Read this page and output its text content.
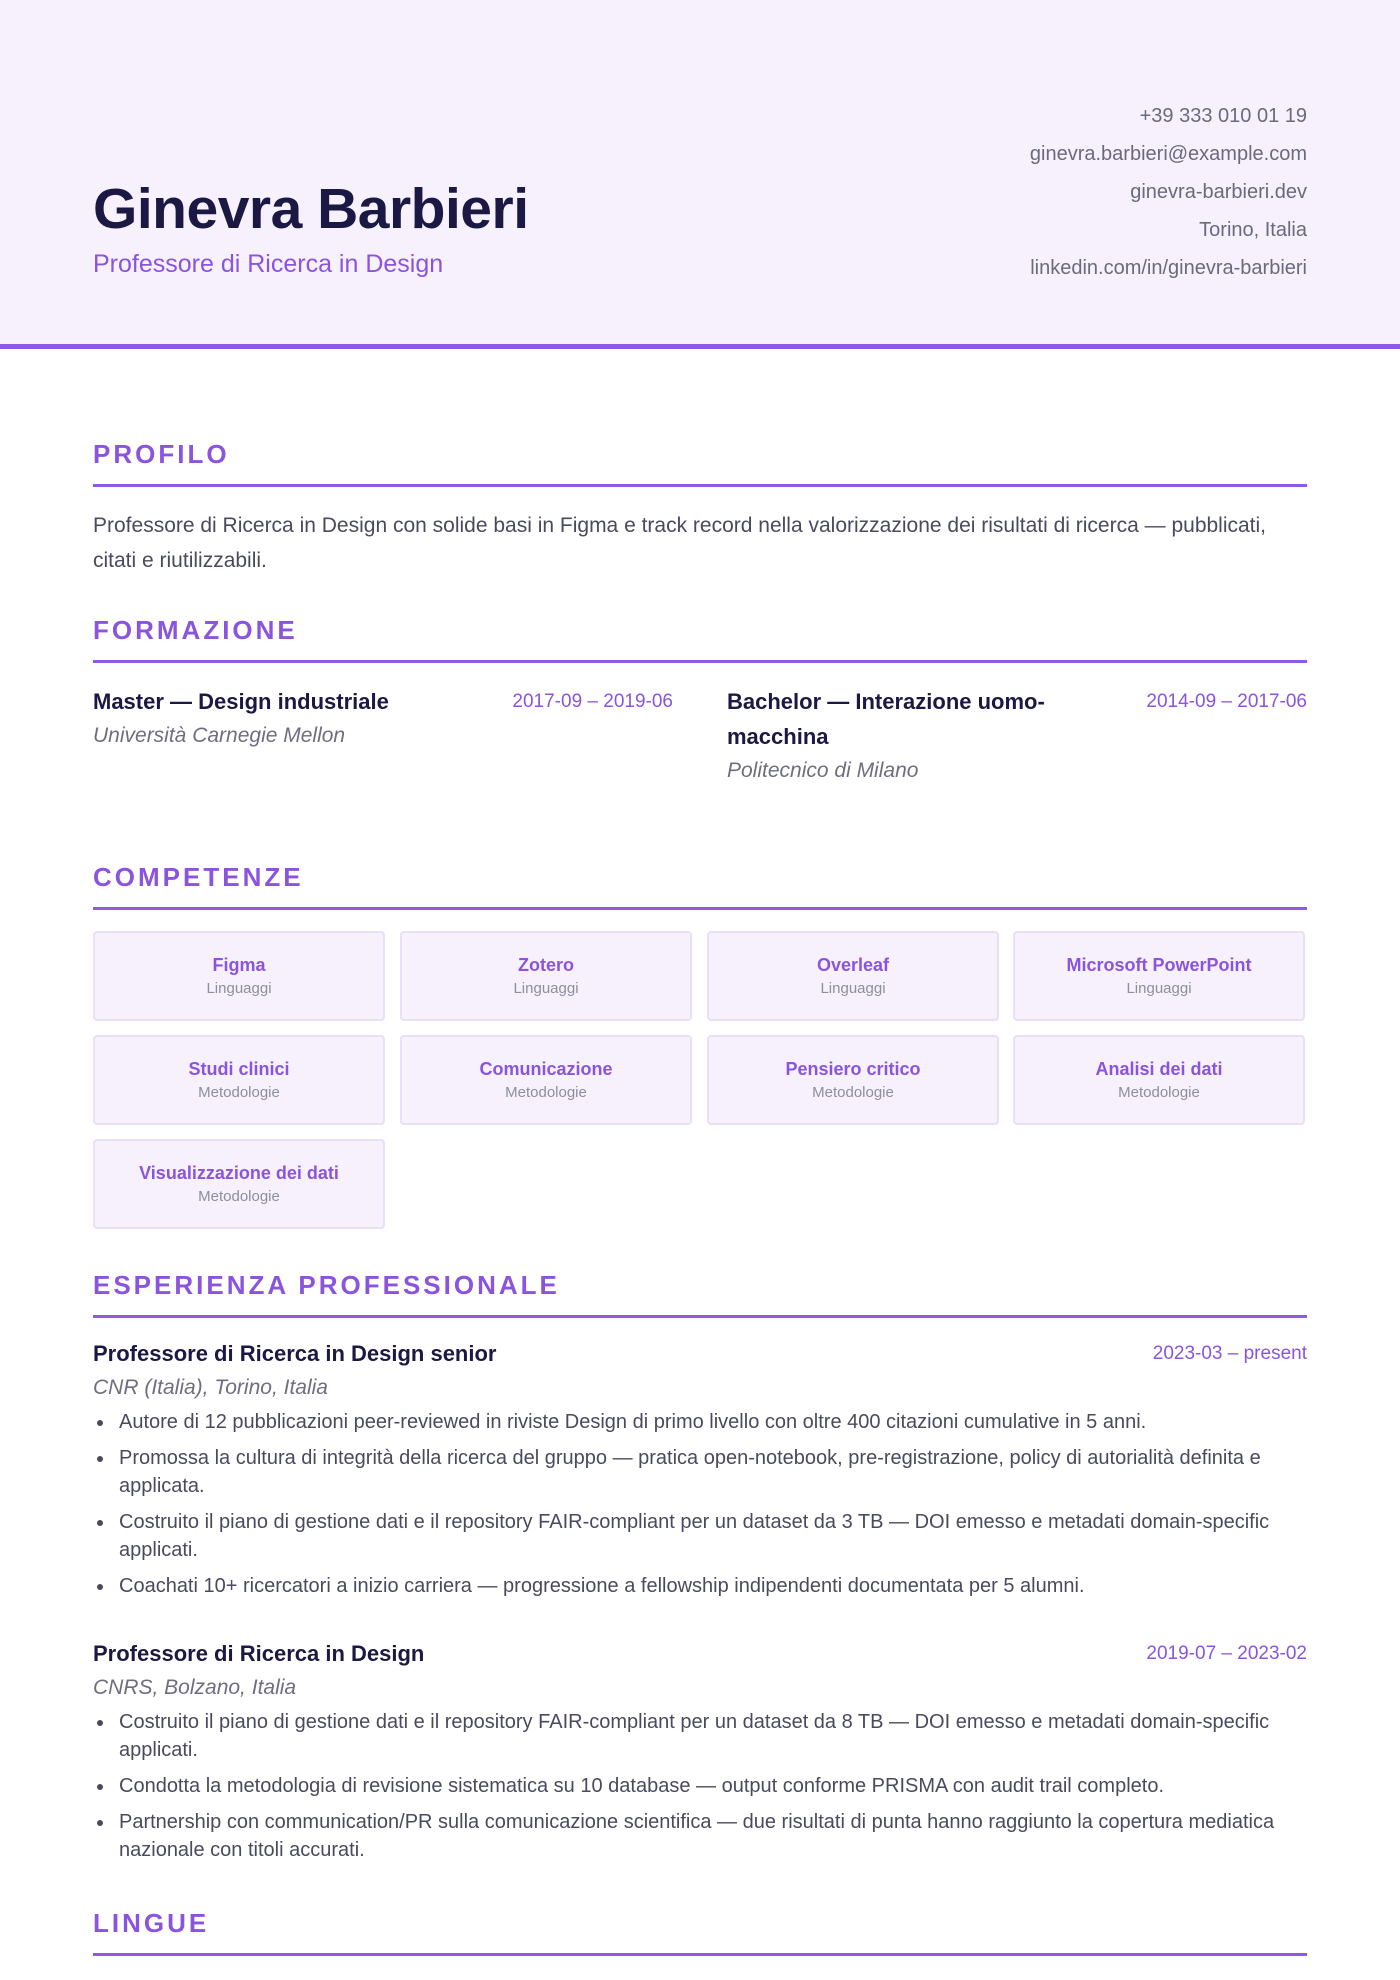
Ginevra Barbieri
Professore di Ricerca in Design
+39 333 010 01 19
ginevra.barbieri@example.com
ginevra-barbieri.dev
Torino, Italia
linkedin.com/in/ginevra-barbieri
PROFILO
Professore di Ricerca in Design con solide basi in Figma e track record nella valorizzazione dei risultati di ricerca — pubblicati, citati e riutilizzabili.
FORMAZIONE
Master — Design industriale	2017-09 – 2019-06
Università Carnegie Mellon
Bachelor — Interazione uomo-macchina
2014-09 – 2017-06
Politecnico di Milano
COMPETENZE
Figma
Linguaggi
Zotero
Linguaggi
Overleaf
Linguaggi
Microsoft PowerPoint
Linguaggi
Studi clinici
Metodologie
Comunicazione
Metodologie
Pensiero critico
Metodologie
Analisi dei dati
Metodologie
Visualizzazione dei dati
Metodologie
ESPERIENZA PROFESSIONALE
Professore di Ricerca in Design senior	2023-03 – present
CNR (Italia), Torino, Italia
Autore di 12 pubblicazioni peer-reviewed in riviste Design di primo livello con oltre 400 citazioni cumulative in 5 anni.
Promossa la cultura di integrità della ricerca del gruppo — pratica open-notebook, pre-registrazione, policy di autorialità definita e applicata.
Costruito il piano di gestione dati e il repository FAIR-compliant per un dataset da 3 TB — DOI emesso e metadati domain-specific applicati.
Coachati 10+ ricercatori a inizio carriera — progressione a fellowship indipendenti documentata per 5 alumni.
Professore di Ricerca in Design	2019-07 – 2023-02
CNRS, Bolzano, Italia
Costruito il piano di gestione dati e il repository FAIR-compliant per un dataset da 8 TB — DOI emesso e metadati domain-specific applicati.
Condotta la metodologia di revisione sistematica su 10 database — output conforme PRISMA con audit trail completo.
Partnership con communication/PR sulla comunicazione scientifica — due risultati di punta hanno raggiunto la copertura mediatica nazionale con titoli accurati.
LINGUE
